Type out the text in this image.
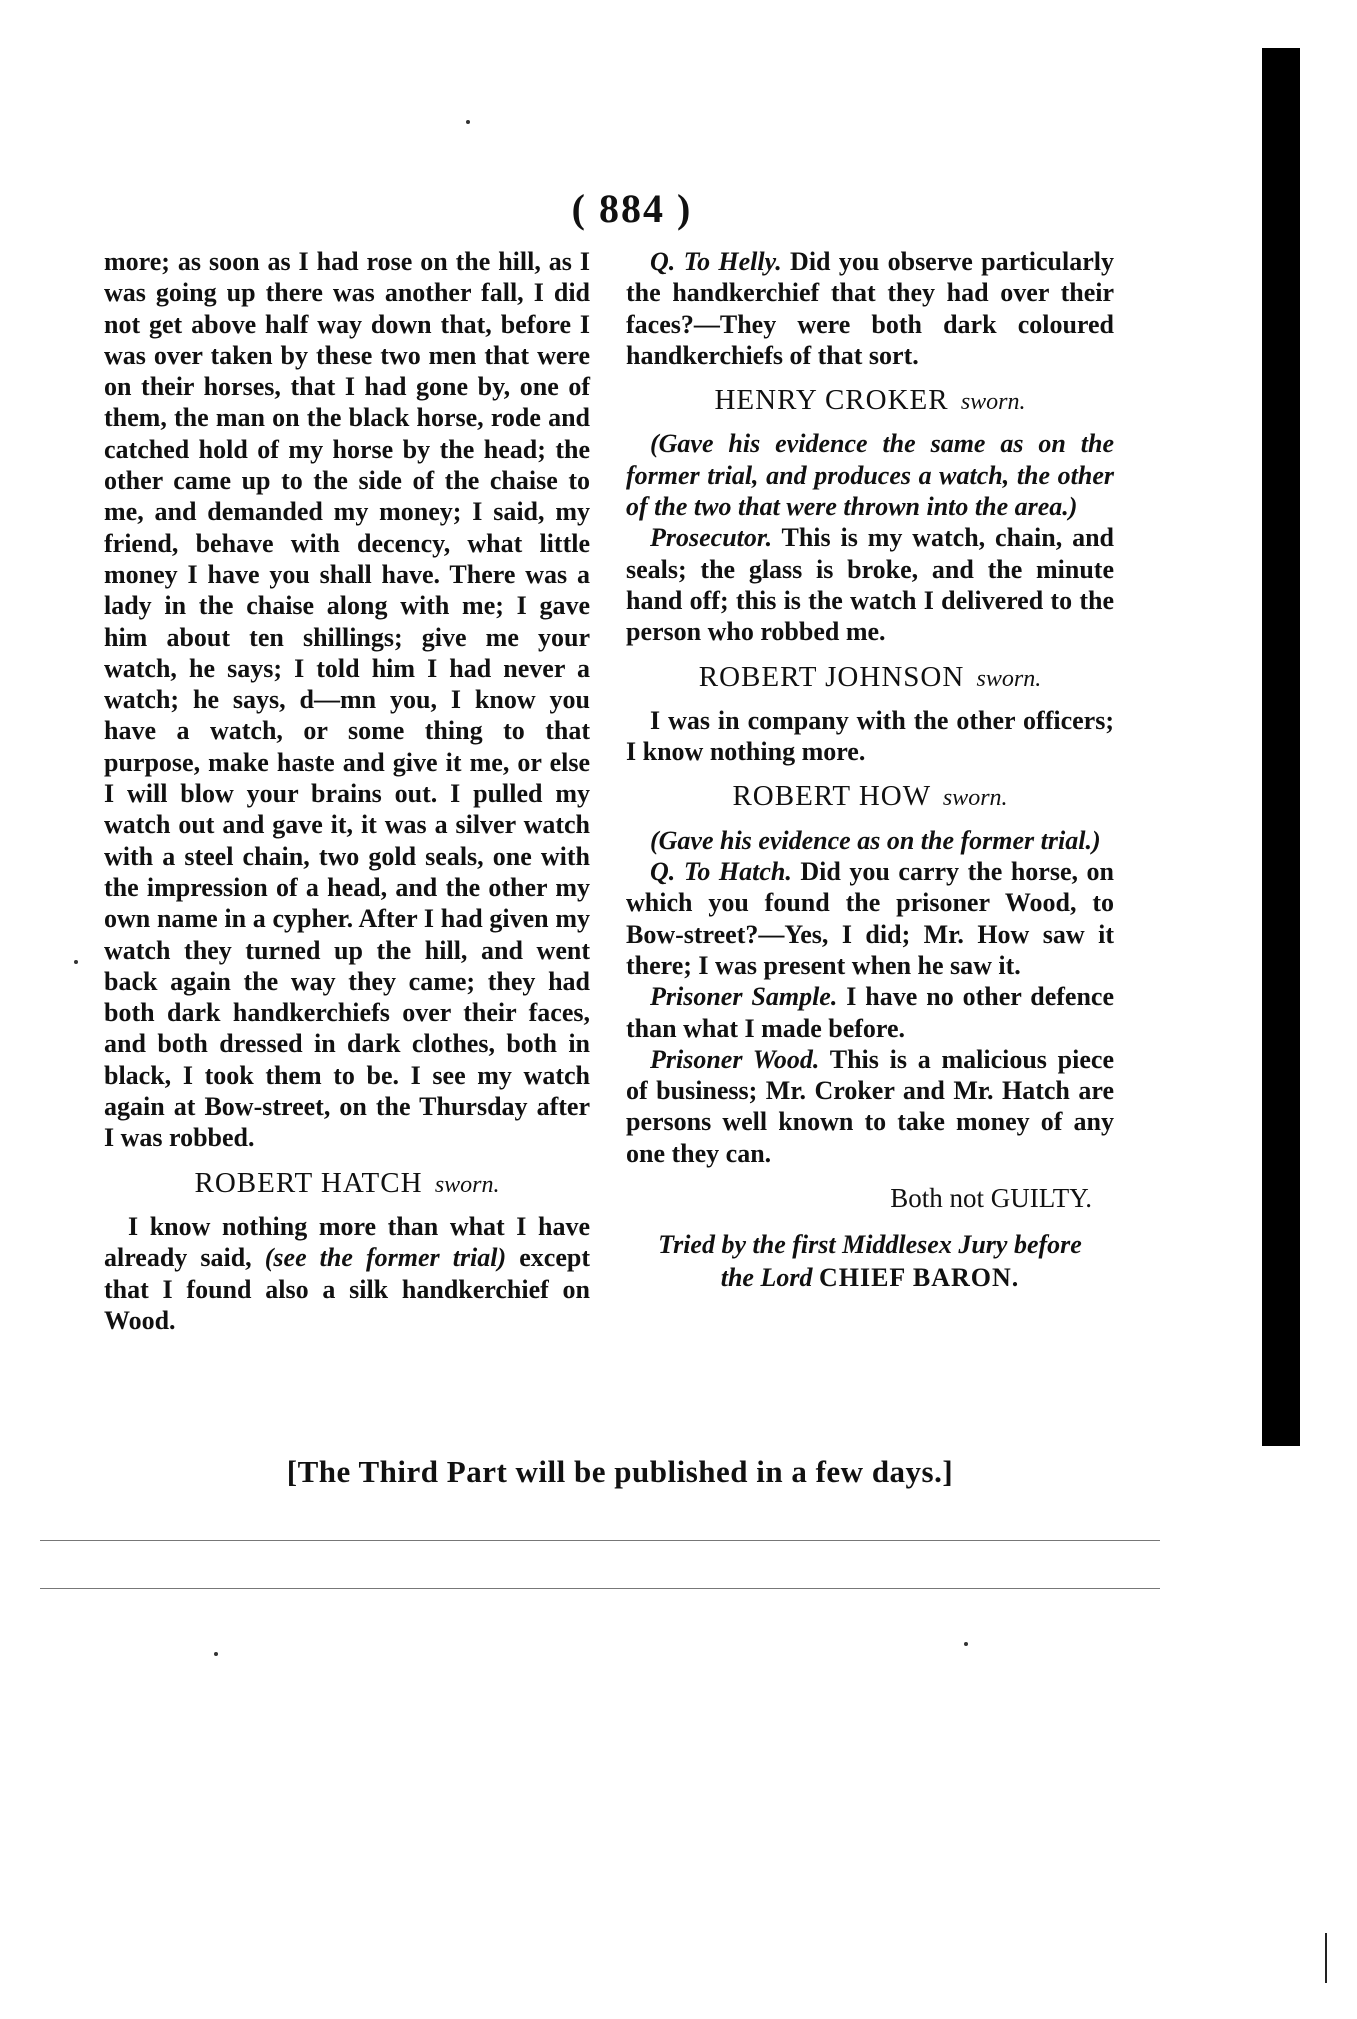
( 884 )

more; as soon as I had rose on the hill, as I was going up there was another fall, I did not get above half way down that, before I was over taken by these two men that were on their horses, that I had gone by, one of them, the man on the black horse, rode and catched hold of my horse by the head; the other came up to the side of the chaise to me, and demanded my money; I said, my friend, behave with decency, what little money I have you shall have. There was a lady in the chaise along with me; I gave him about ten shillings; give me your watch, he says; I told him I had never a watch; he says, d—mn you, I know you have a watch, or some thing to that purpose, make haste and give it me, or else I will blow your brains out. I pulled my watch out and gave it, it was a silver watch with a steel chain, two gold seals, one with the impression of a head, and the other my own name in a cypher. After I had given my watch they turned up the hill, and went back again the way they came; they had both dark handkerchiefs over their faces, and both dressed in dark clothes, both in black, I took them to be. I see my watch again at Bow-street, on the Thursday after I was robbed.

ROBERT HATCH sworn.

I know nothing more than what I have already said, (see the former trial) except that I found also a silk handkerchief on Wood.

Q. To Helly. Did you observe particularly the handkerchief that they had over their faces?—They were both dark coloured handkerchiefs of that sort.

HENRY CROKER sworn.

(Gave his evidence the same as on the former trial, and produces a watch, the other of the two that were thrown into the area.)

Prosecutor. This is my watch, chain, and seals; the glass is broke, and the minute hand off; this is the watch I delivered to the person who robbed me.

ROBERT JOHNSON sworn.

I was in company with the other officers; I know nothing more.

ROBERT HOW sworn.

(Gave his evidence as on the former trial.)

Q. To Hatch. Did you carry the horse, on which you found the prisoner Wood, to Bow-street?—Yes, I did; Mr. How saw it there; I was present when he saw it.

Prisoner Sample. I have no other defence than what I made before.

Prisoner Wood. This is a malicious piece of business; Mr. Croker and Mr. Hatch are persons well known to take money of any one they can.

Both not GUILTY.
Tried by the first Middlesex Jury before
the Lord CHIEF BARON.
[The Third Part will be published in a few days.]
